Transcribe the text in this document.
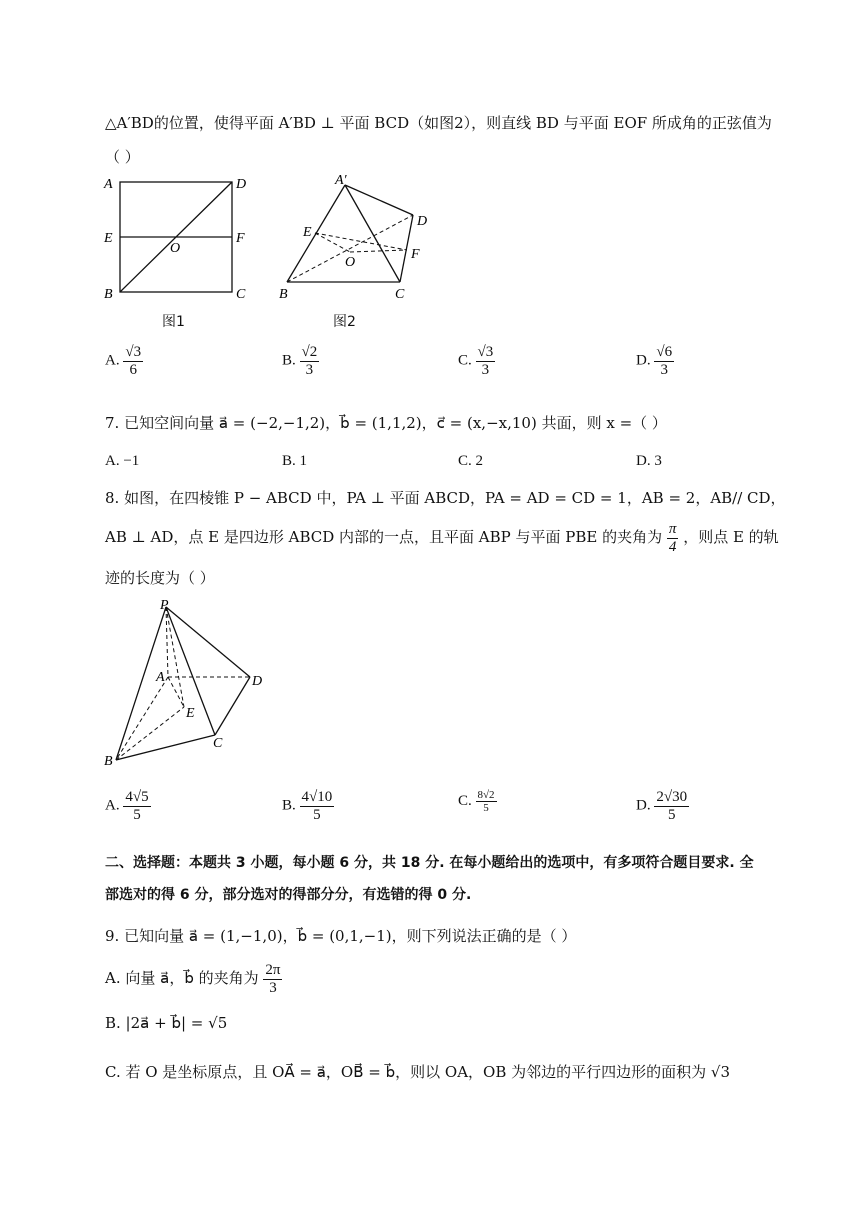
△A′BD的位置，使得平面 A′BD ⊥ 平面 BCD（如图2），则直线 BD 与平面 EOF 所成角的正弦值为
（ ）
A	D
E
O
F
B	C
图1
A′
D
E
O
F
B	C
图2
A. $\frac{√3}{6}$	B. $\frac{√2}{3}$	C. $\frac{√3}{3}$	D. $\frac{√6}{3}$
7. 已知空间向量 a⃗ = (−2,−1,2)，b⃗ = (1,1,2)，c⃗ = (x,−x,10) 共面，则 x =（ ）
A. −1	B. 1	C. 2	D. 3
8. 如图，在四棱锥 P − ABCD 中，PA ⊥ 平面 ABCD，PA = AD = CD = 1，AB = 2，AB// CD，
AB ⊥ AD，点 E 是四边形 ABCD 内部的一点，且平面 ABP 与平面 PBE 的夹角为 $\frac{\pi}{4}$ ，则点 E 的轨
迹的长度为（ ）
P
A	D
E
C
B
A. $\frac{4√5}{5}$	B. $\frac{4√10}{5}$	C. $\frac{8√2}{5}$	D. $\frac{2√30}{5}$
二、选择题：本题共 3 小题，每小题 6 分，共 18 分. 在每小题给出的选项中，有多项符合题目要求. 全
部选对的得 6 分，部分选对的得部分分，有选错的得 0 分.
9. 已知向量 a⃗ = (1,−1,0)，b⃗ = (0,1,−1)，则下列说法正确的是（ ）
A. 向量 a⃗，b⃗ 的夹角为 $\frac{2\pi}{3}$
B. |2a⃗ + b⃗| = √5
C. 若 O 是坐标原点，且 OA⃗ = a⃗，OB⃗ = b⃗，则以 OA，OB 为邻边的平行四边形的面积为 √3
